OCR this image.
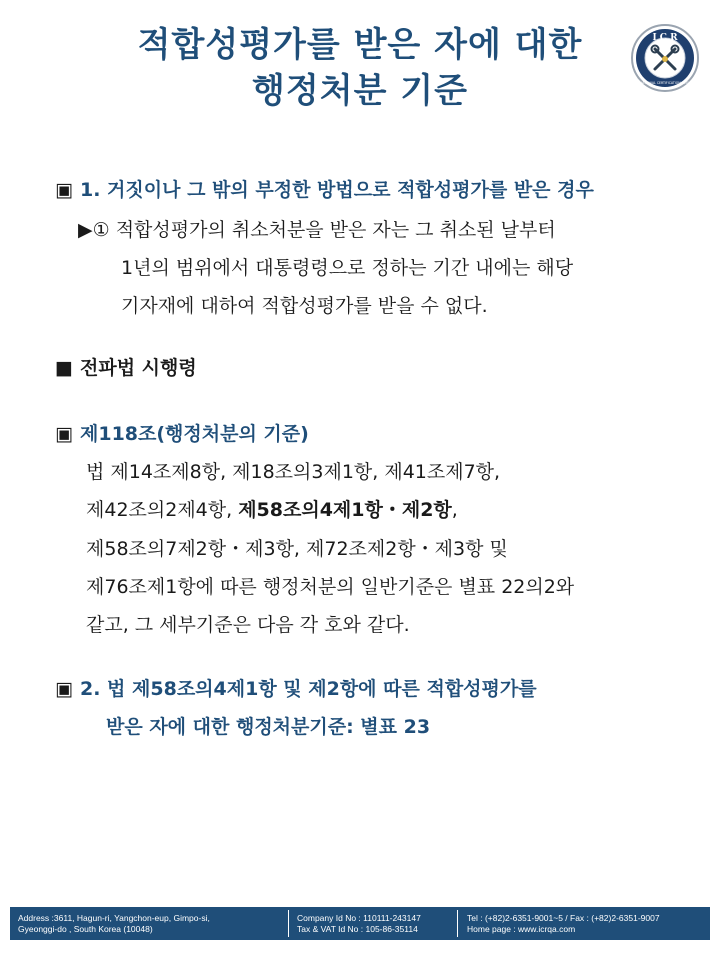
적합성평가를 받은 자에 대한
행정처분 기준
I C R
INTERNATIONAL CERTIFICATION REGISTRAR
▣ 1. 거짓이나 그 밖의 부정한 방법으로 적합성평가를 받은 경우
▶① 적합성평가의 취소처분을 받은 자는 그 취소된 날부터
1년의 범위에서 대통령령으로 정하는 기간 내에는 해당
기자재에 대하여 적합성평가를 받을 수 없다.
■ 전파법 시행령
▣ 제118조(행정처분의 기준)
법 제14조제8항, 제18조의3제1항, 제41조제7항,
제42조의2제4항, 제58조의4제1항・제2항,
제58조의7제2항・제3항, 제72조제2항・제3항 및
제76조제1항에 따른 행정처분의 일반기준은 별표 22의2와
같고, 그 세부기준은 다음 각 호와 같다.
▣ 2. 법 제58조의4제1항 및 제2항에 따른 적합성평가를
받은 자에 대한 행정처분기준: 별표 23
Address :3611, Hagun-ri, Yangchon-eup, Gimpo-si,
Gyeonggi-do , South Korea (10048)
Company Id No : 110111-243147
Tax & VAT Id No : 105-86-35114
Tel : (+82)2-6351-9001~5 / Fax : (+82)2-6351-9007
Home page : www.icrqa.com
